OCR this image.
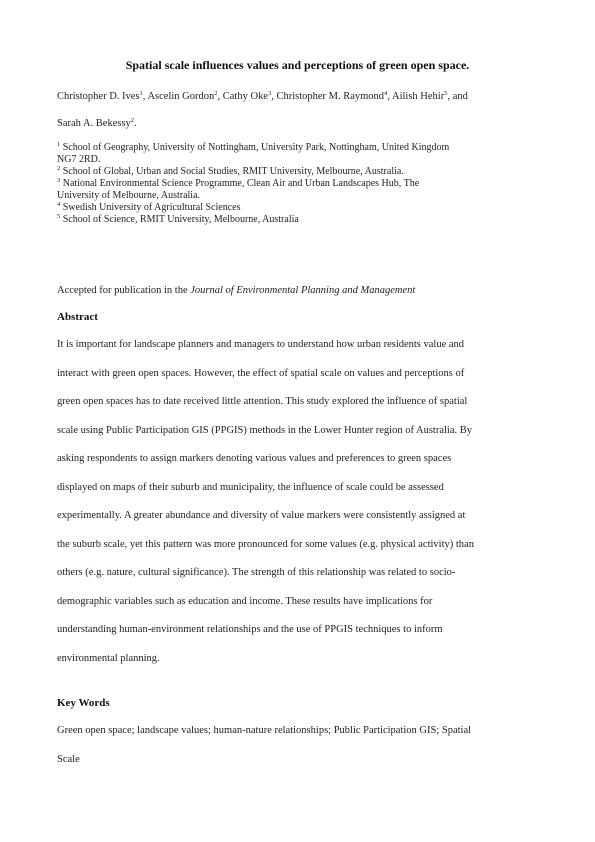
Spatial scale influences values and perceptions of green open space.
Christopher D. Ives$^1$, Ascelin Gordon$^2$, Cathy Oke$^3$, Christopher M. Raymond$^4$, Ailish Hehir$^5$, and
Sarah A. Bekessy$^2$.
$^1$ School of Geography, University of Nottingham, University Park, Nottingham, United Kingdom
NG7 2RD.
$^2$ School of Global, Urban and Social Studies, RMIT University, Melbourne, Australia.
$^3$ National Environmental Science Programme, Clean Air and Urban Landscapes Hub, The
University of Melbourne, Australia.
$^4$ Swedish University of Agricultural Sciences
$^5$ School of Science, RMIT University, Melbourne, Australia
Accepted for publication in the Journal of Environmental Planning and Management
Abstract
It is important for landscape planners and managers to understand how urban residents value and
interact with green open spaces. However, the effect of spatial scale on values and perceptions of
green open spaces has to date received little attention. This study explored the influence of spatial
scale using Public Participation GIS (PPGIS) methods in the Lower Hunter region of Australia. By
asking respondents to assign markers denoting various values and preferences to green spaces
displayed on maps of their suburb and municipality, the influence of scale could be assessed
experimentally. A greater abundance and diversity of value markers were consistently assigned at
the suburb scale, yet this pattern was more pronounced for some values (e.g. physical activity) than
others (e.g. nature, cultural significance). The strength of this relationship was related to socio-
demographic variables such as education and income. These results have implications for
understanding human-environment relationships and the use of PPGIS techniques to inform
environmental planning.
Key Words
Green open space; landscape values; human-nature relationships; Public Participation GIS; Spatial
Scale
